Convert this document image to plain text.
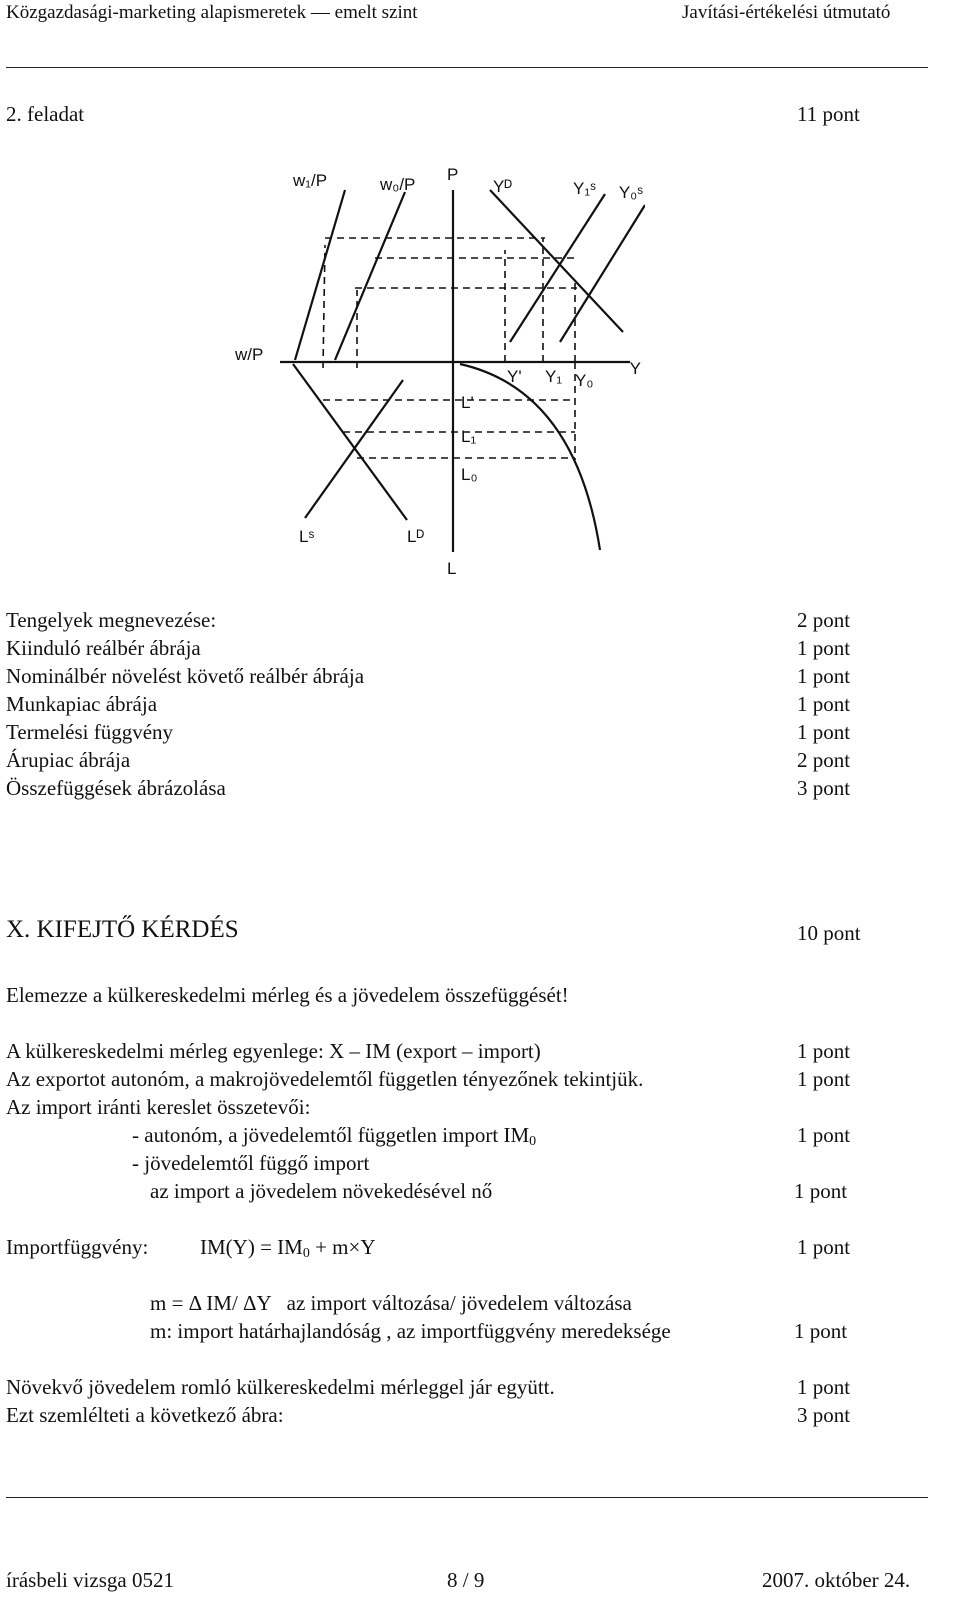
Közgazdasági-marketing alapismeretek — emelt szint	Javítási-értékelési útmutató
2. feladat	11 pont
w₁/P	w₀/P
P
Yᴰ	Y₁ˢ Y₀ˢ
w/P
Y
Y' Y₁ Y₀
L'
L₁
L₀
Lˢ	Lᴰ
L
Tengelyek megnevezése:	2 pont
Kiinduló reálbér ábrája	1 pont
Nominálbér növelést követő reálbér ábrája	1 pont
Munkapiac ábrája	1 pont
Termelési függvény	1 pont
Árupiac ábrája	2 pont
Összefüggések ábrázolása	3 pont
X. KIFEJTŐ KÉRDÉS	10 pont
Elemezze a külkereskedelmi mérleg és a jövedelem összefüggését!
A külkereskedelmi mérleg egyenlege: X – IM (export – import)	1 pont
Az exportot autonóm, a makrojövedelemtől független tényezőnek tekintjük.	1 pont
Az import iránti kereslet összetevői:
- autonóm, a jövedelemtől független import $IM_0$	1 pont
- jövedelemtől függő import
az import a jövedelem növekedésével nő	1 pont
Importfüggvény: $IM(Y) = IM_0 + m\times Y$	1 pont
m = Δ IM/ ΔY   az import változása/ jövedelem változása
m: import határhajlandóság , az importfüggvény meredeksége	1 pont
Növekvő jövedelem romló külkereskedelmi mérleggel jár együtt.	1 pont
Ezt szemlélteti a következő ábra:	3 pont
írásbeli vizsga 0521	8 / 9	2007. október 24.
